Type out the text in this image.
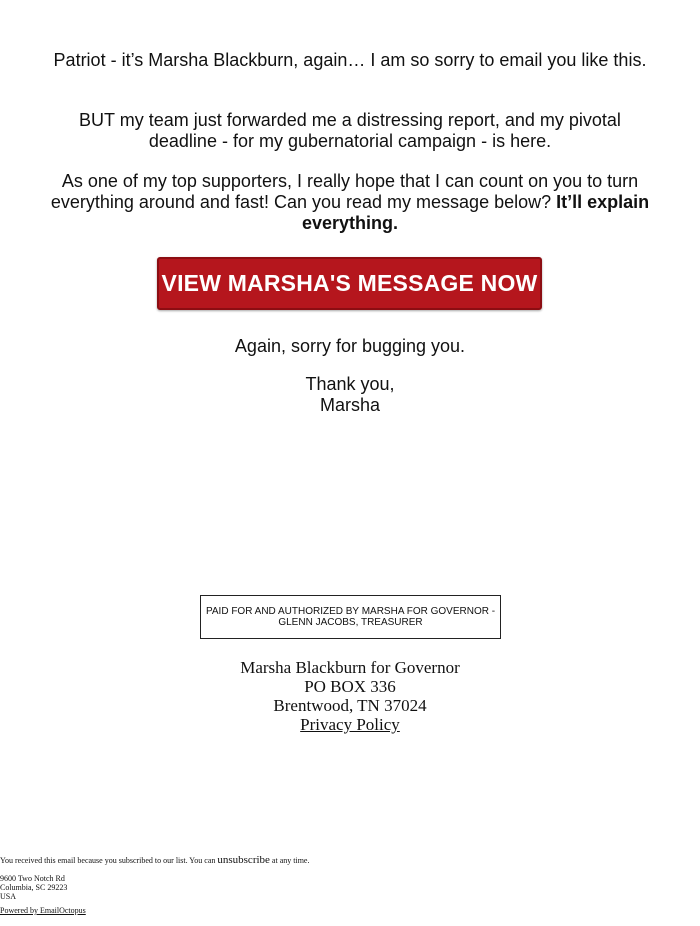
Patriot - it’s Marsha Blackburn, again… I am so sorry to email you like this.

BUT my team just forwarded me a distressing report, and my pivotal deadline - for my gubernatorial campaign - is here.

As one of my top supporters, I really hope that I can count on you to turn everything around and fast! Can you read my message below? It’ll explain everything.

VIEW MARSHA'S MESSAGE NOW

Again, sorry for bugging you.

Thank you,
Marsha

PAID FOR AND AUTHORIZED BY MARSHA FOR GOVERNOR - GLENN JACOBS, TREASURER
Marsha Blackburn for Governor
PO BOX 336
Brentwood, TN 37024
Privacy Policy
You received this email because you subscribed to our list. You can unsubscribe at any time.
9600 Two Notch Rd
Columbia, SC 29223
USA
Powered by EmailOctopus
